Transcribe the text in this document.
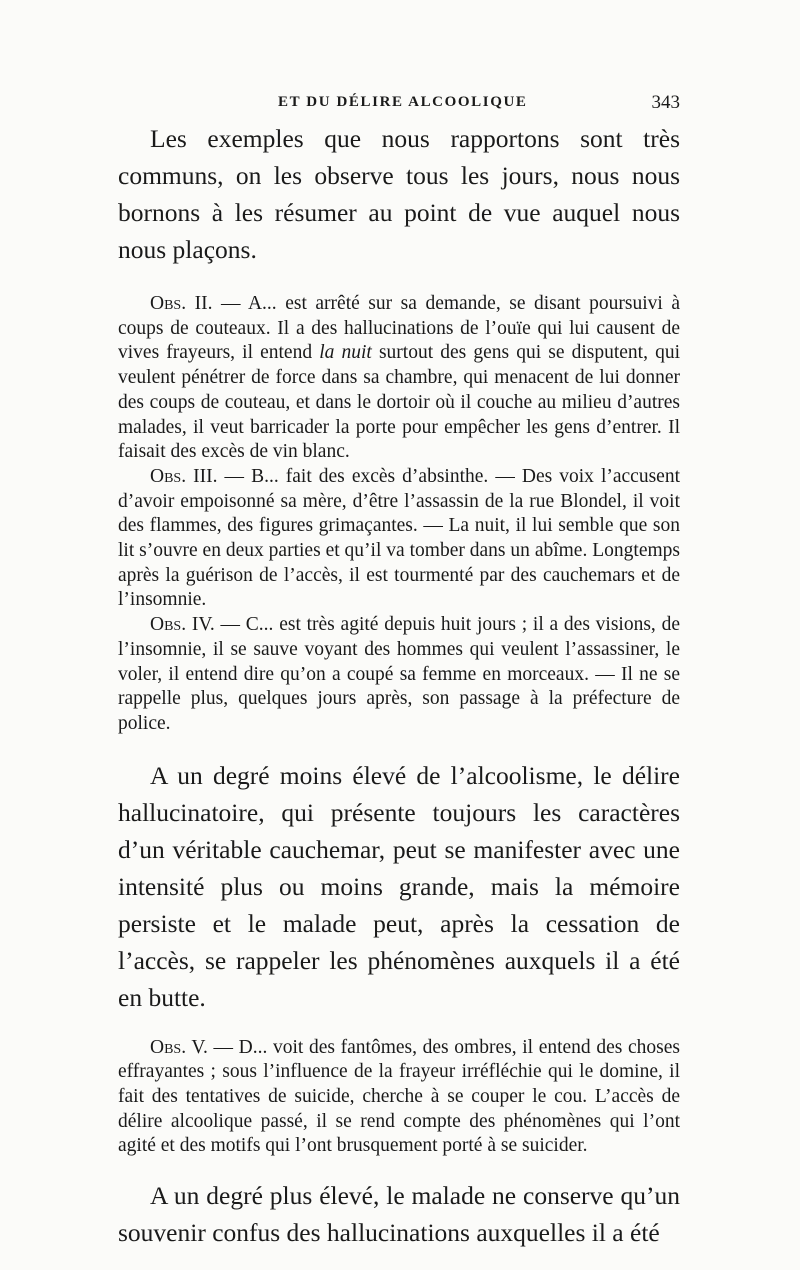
ET DU DÉLIRE ALCOOLIQUE	343

Les exemples que nous rapportons sont très communs, on les observe tous les jours, nous nous bornons à les résumer au point de vue auquel nous nous plaçons.

Obs. II. — A... est arrêté sur sa demande, se disant poursuivi à coups de couteaux. Il a des hallucinations de l’ouïe qui lui causent de vives frayeurs, il entend la nuit surtout des gens qui se disputent, qui veulent pénétrer de force dans sa chambre, qui menacent de lui donner des coups de couteau, et dans le dortoir où il couche au milieu d’autres malades, il veut barricader la porte pour empêcher les gens d’entrer. Il faisait des excès de vin blanc.

Obs. III. — B... fait des excès d’absinthe. — Des voix l’accusent d’avoir empoisonné sa mère, d’être l’assassin de la rue Blondel, il voit des flammes, des figures grimaçantes. — La nuit, il lui semble que son lit s’ouvre en deux parties et qu’il va tomber dans un abîme. Longtemps après la guérison de l’accès, il est tourmenté par des cauchemars et de l’insomnie.

Obs. IV. — C... est très agité depuis huit jours ; il a des visions, de l’insomnie, il se sauve voyant des hommes qui veulent l’assassiner, le voler, il entend dire qu’on a coupé sa femme en morceaux. — Il ne se rappelle plus, quelques jours après, son passage à la préfecture de police.

A un degré moins élevé de l’alcoolisme, le délire hallucinatoire, qui présente toujours les caractères d’un véritable cauchemar, peut se manifester avec une intensité plus ou moins grande, mais la mémoire persiste et le malade peut, après la cessation de l’accès, se rappeler les phénomènes auxquels il a été en butte.

Obs. V. — D... voit des fantômes, des ombres, il entend des choses effrayantes ; sous l’influence de la frayeur irréfléchie qui le domine, il fait des tentatives de suicide, cherche à se couper le cou. L’accès de délire alcoolique passé, il se rend compte des phénomènes qui l’ont agité et des motifs qui l’ont brusquement porté à se suicider.

A un degré plus élevé, le malade ne conserve qu’un souvenir confus des hallucinations auxquelles il a été
